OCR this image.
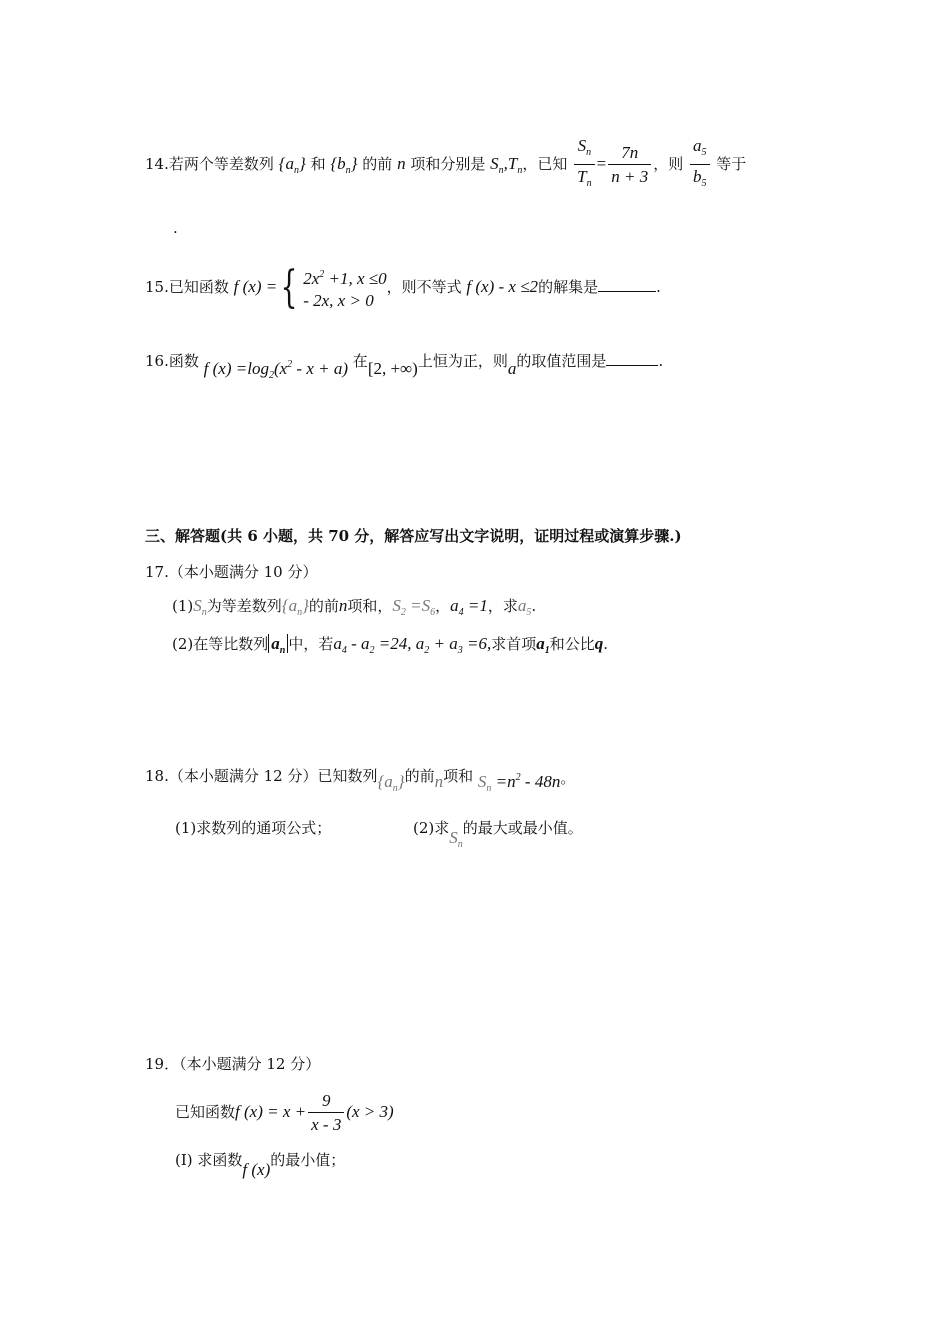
14.若两个等差数列 $\{a_n\}$ 和 $\{b_n\}$ 的前 n 项和分别是 $S_n,T_n$，已知 $\frac{S_n}{T_n} = \frac{7n}{n + 3}$ ，则 $\frac{a_5}{b_5}$ 等于
.
15.已知函数 f (x) ={ $2x^2 +1$, x ≤0
- 2x, x > 0
，则不等式 f (x) - x ≤2的解集是	.
16.函数 f $(x) =\log_2(x^2 - x + a)$ 在[2, +∞)上恒为正，则a的取值范围是	.
三、解答题(共 6 小题，共 70 分，解答应写出文字说明，证明过程或演算步骤.)
17.（本小题满分 10 分）
$(1)S_n$为等差数列$\{a_n\}$的前n项和，$S_2 =S_6$，$a_4 =1$，求$a_5$.
(2)在等比数列 $a_n$ 中，若$a_4 - a_2 =24$, $a_2 + a_3 =6$,求首项$a_1$和公比q.
18.（本小题满分 12 分）已知数列$\{a_n\}$的前n项和 $S_n =n^2 - 48n$。
(1)求数列的通项公式；	(2)求$S_n$的最大或最小值。
19．（本小题满分 12 分）
已知函数f $(x) = x + \frac{9}{x - 3} (x > 3)$
(Ⅰ) 求函数f (x)的最小值；
